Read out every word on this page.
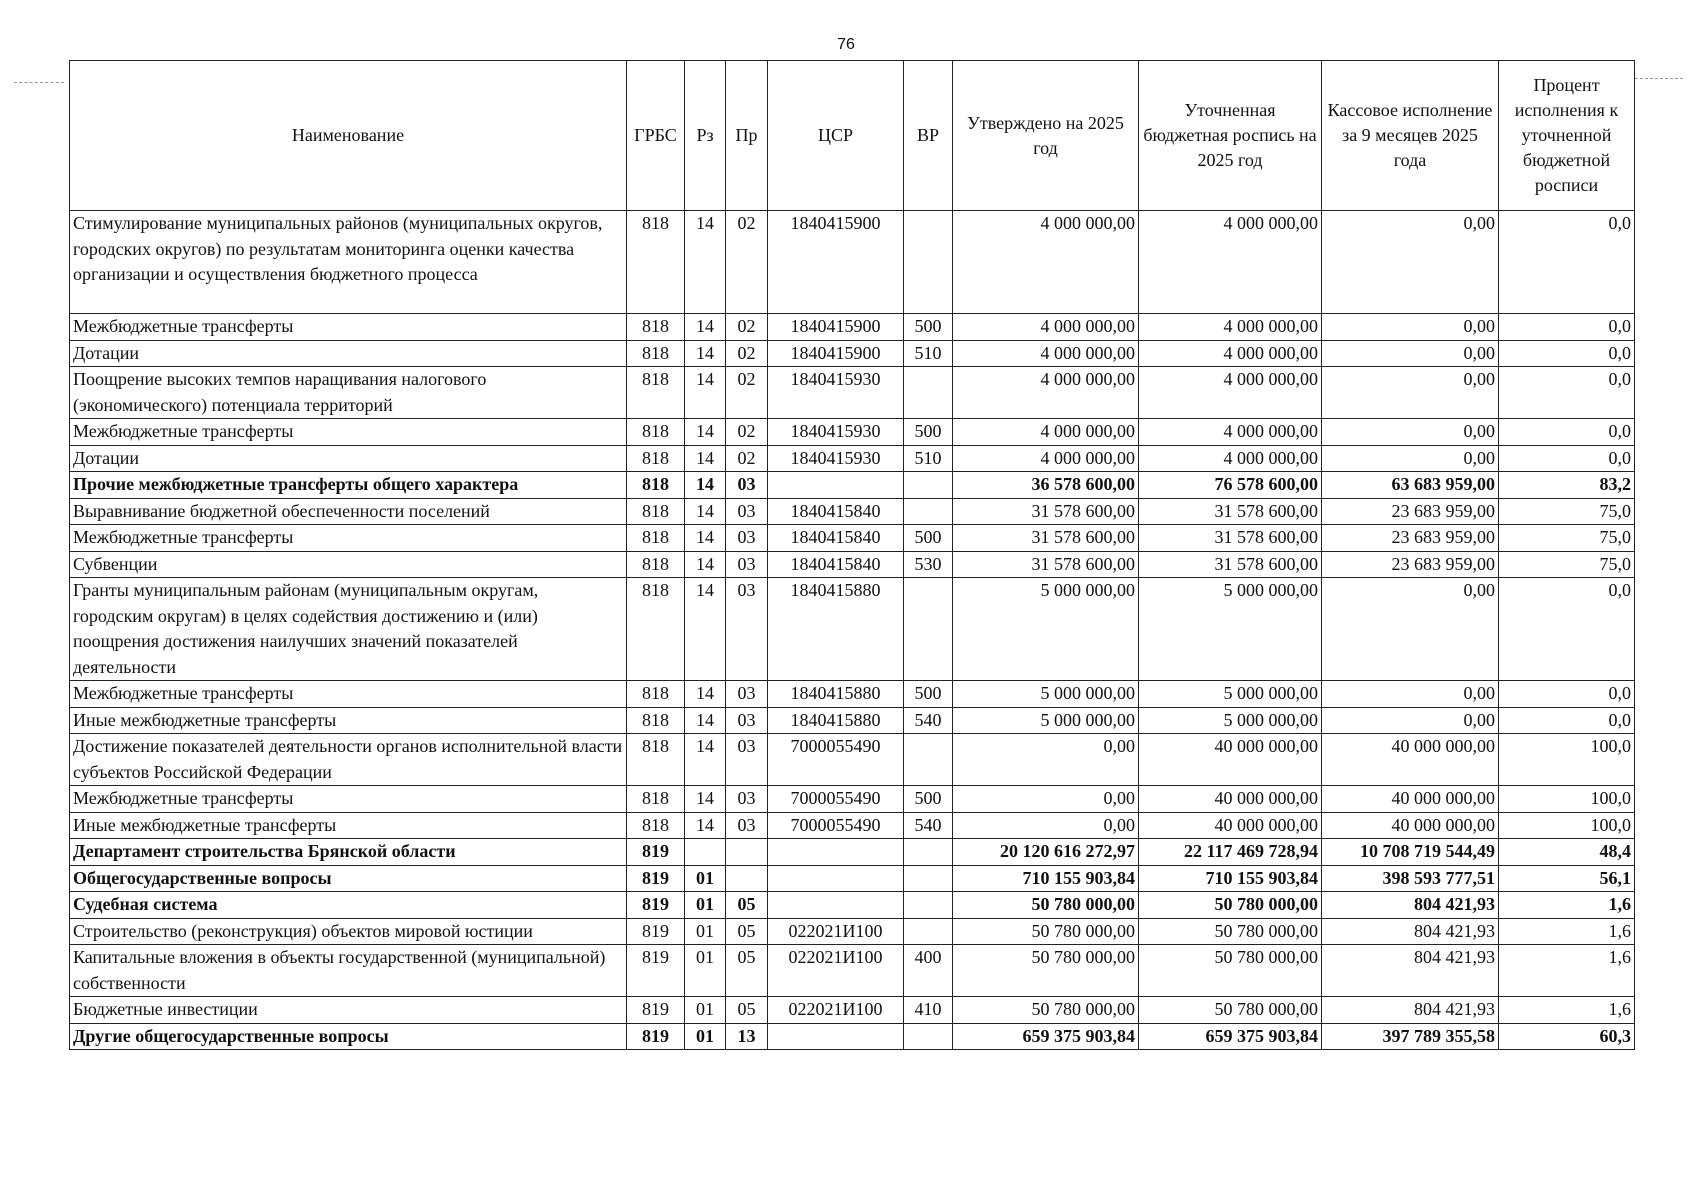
76
Наименование	ГРБС	Рз	Пр	ЦСР	ВР	Утверждено на 2025 год	Уточненная бюджетная роспись на 2025 год	Кассовое исполнение за 9 месяцев 2025 года	Процент исполнения к уточненной бюджетной росписи
Стимулирование муниципальных районов (муниципальных округов, городских округов) по результатам мониторинга оценки качества организации и осуществления бюджетного процесса	818	14	02	1840415900		4 000 000,00	4 000 000,00	0,00	0,0
Межбюджетные трансферты	818	14	02	1840415900	500	4 000 000,00	4 000 000,00	0,00	0,0
Дотации	818	14	02	1840415900	510	4 000 000,00	4 000 000,00	0,00	0,0
Поощрение высоких темпов наращивания налогового (экономического) потенциала территорий	818	14	02	1840415930		4 000 000,00	4 000 000,00	0,00	0,0
Межбюджетные трансферты	818	14	02	1840415930	500	4 000 000,00	4 000 000,00	0,00	0,0
Дотации	818	14	02	1840415930	510	4 000 000,00	4 000 000,00	0,00	0,0
Прочие межбюджетные трансферты общего характера	818	14	03			36 578 600,00	76 578 600,00	63 683 959,00	83,2
Выравнивание бюджетной обеспеченности поселений	818	14	03	1840415840		31 578 600,00	31 578 600,00	23 683 959,00	75,0
Межбюджетные трансферты	818	14	03	1840415840	500	31 578 600,00	31 578 600,00	23 683 959,00	75,0
Субвенции	818	14	03	1840415840	530	31 578 600,00	31 578 600,00	23 683 959,00	75,0
Гранты муниципальным районам (муниципальным округам, городским округам) в целях содействия достижению и (или) поощрения достижения наилучших значений показателей деятельности	818	14	03	1840415880		5 000 000,00	5 000 000,00	0,00	0,0
Межбюджетные трансферты	818	14	03	1840415880	500	5 000 000,00	5 000 000,00	0,00	0,0
Иные межбюджетные трансферты	818	14	03	1840415880	540	5 000 000,00	5 000 000,00	0,00	0,0
Достижение показателей деятельности органов исполнительной власти субъектов Российской Федерации	818	14	03	7000055490		0,00	40 000 000,00	40 000 000,00	100,0
Межбюджетные трансферты	818	14	03	7000055490	500	0,00	40 000 000,00	40 000 000,00	100,0
Иные межбюджетные трансферты	818	14	03	7000055490	540	0,00	40 000 000,00	40 000 000,00	100,0
Департамент строительства Брянской области	819					20 120 616 272,97	22 117 469 728,94	10 708 719 544,49	48,4
Общегосударственные вопросы	819	01				710 155 903,84	710 155 903,84	398 593 777,51	56,1
Судебная система	819	01	05			50 780 000,00	50 780 000,00	804 421,93	1,6
Строительство (реконструкция) объектов мировой юстиции	819	01	05	022021И100		50 780 000,00	50 780 000,00	804 421,93	1,6
Капитальные вложения в объекты государственной (муниципальной) собственности	819	01	05	022021И100	400	50 780 000,00	50 780 000,00	804 421,93	1,6
Бюджетные инвестиции	819	01	05	022021И100	410	50 780 000,00	50 780 000,00	804 421,93	1,6
Другие общегосударственные вопросы	819	01	13			659 375 903,84	659 375 903,84	397 789 355,58	60,3
